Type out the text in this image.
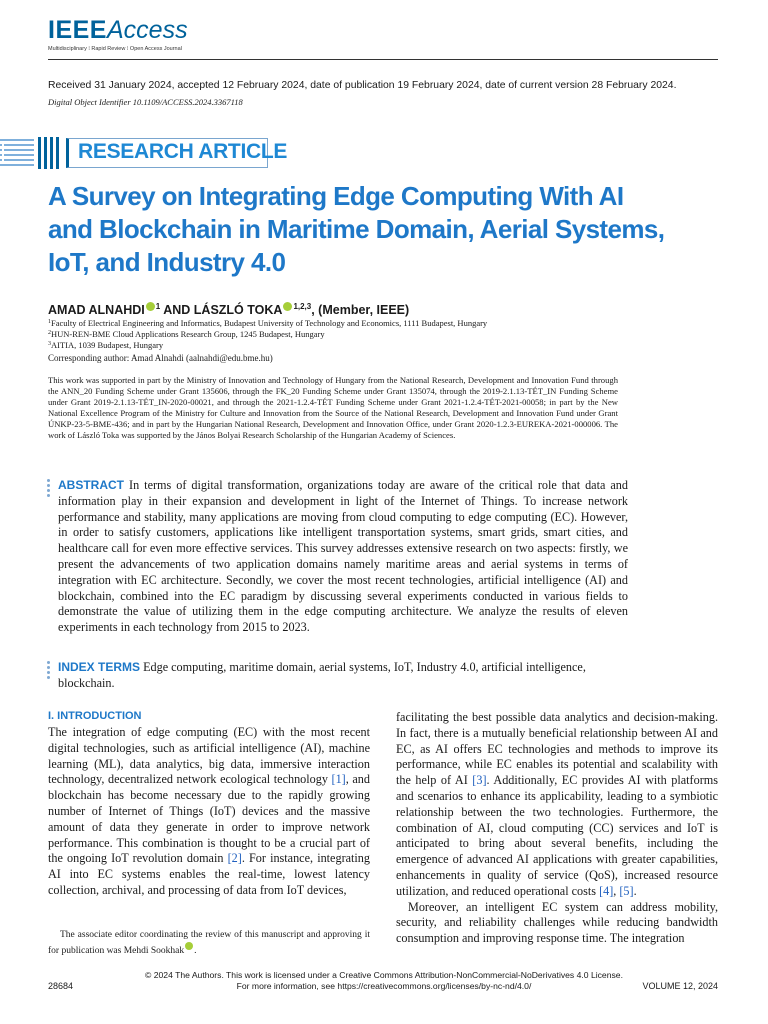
IEEEAccess
Multidisciplinary ⁞ Rapid Review ⁞ Open Access Journal
Received 31 January 2024, accepted 12 February 2024, date of publication 19 February 2024, date of current version 28 February 2024.
Digital Object Identifier 10.1109/ACCESS.2024.3367118
RESEARCH ARTICLE
A Survey on Integrating Edge Computing With AI and Blockchain in Maritime Domain, Aerial Systems, IoT, and Industry 4.0
AMAD ALNAHDI $^1$ AND LÁSZLÓ TOKA $^{1,2,3}$, (Member, IEEE)
$^1$Faculty of Electrical Engineering and Informatics, Budapest University of Technology and Economics, 1111 Budapest, Hungary
$^2$HUN-REN-BME Cloud Applications Research Group, 1245 Budapest, Hungary
$^3$AITIA, 1039 Budapest, Hungary
Corresponding author: Amad Alnahdi (aalnahdi@edu.bme.hu)
This work was supported in part by the Ministry of Innovation and Technology of Hungary from the National Research, Development and Innovation Fund through the ANN_20 Funding Scheme under Grant 135606, through the FK_20 Funding Scheme under Grant 135074, through the 2019-2.1.13-TÉT_IN Funding Scheme under Grant 2019-2.1.13-TÉT_IN-2020-00021, and through the 2021-1.2.4-TÉT Funding Scheme under Grant 2021-1.2.4-TÉT-2021-00058; in part by the New National Excellence Program of the Ministry for Culture and Innovation from the Source of the National Research, Development and Innovation Fund under Grant ÚNKP-23-5-BME-436; and in part by the Hungarian National Research, Development and Innovation Office, under Grant 2020-1.2.3-EUREKA-2021-000006. The work of László Toka was supported by the János Bolyai Research Scholarship of the Hungarian Academy of Sciences.
ABSTRACT In terms of digital transformation, organizations today are aware of the critical role that data and information play in their expansion and development in light of the Internet of Things. To increase network performance and stability, many applications are moving from cloud computing to edge computing (EC). However, in order to satisfy customers, applications like intelligent transportation systems, smart grids, smart cities, and healthcare call for even more effective services. This survey addresses extensive research on two aspects: firstly, we present the advancements of two application domains namely maritime areas and aerial systems in terms of integration with EC architecture. Secondly, we cover the most recent technologies, artificial intelligence (AI) and blockchain, combined into the EC paradigm by discussing several experiments conducted in various fields to demonstrate the value of utilizing them in the edge computing architecture. We analyze the results of eleven experiments in each technology from 2015 to 2023.
INDEX TERMS Edge computing, maritime domain, aerial systems, IoT, Industry 4.0, artificial intelligence, blockchain.
I. INTRODUCTION
The integration of edge computing (EC) with the most recent digital technologies, such as artificial intelligence (AI), machine learning (ML), data analytics, big data, immersive interaction technology, decentralized network ecological technology [1], and blockchain has become necessary due to the rapidly growing number of Internet of Things (IoT) devices and the massive amount of data they generate in order to improve network performance. This combination is thought to be a crucial part of the ongoing IoT revolution domain [2]. For instance, integrating AI into EC systems enables the real-time, lowest latency collection, archival, and processing of data from IoT devices,
The associate editor coordinating the review of this manuscript and approving it for publication was Mehdi Sookhak .

facilitating the best possible data analytics and decision-making. In fact, there is a mutually beneficial relationship between AI and EC, as AI offers EC technologies and methods to improve its performance, while EC enables its potential and scalability with the help of AI [3]. Additionally, EC provides AI with platforms and scenarios to enhance its applicability, leading to a symbiotic relationship between the two technologies. Furthermore, the combination of AI, cloud computing (CC) services and IoT is anticipated to bring about several benefits, including the emergence of advanced AI applications with greater capabilities, enhancements in quality of service (QoS), increased resource utilization, and reduced operational costs [4], [5].

Moreover, an intelligent EC system can address mobility, security, and reliability challenges while reducing bandwidth consumption and improving response time. The integration

© 2024 The Authors. This work is licensed under a Creative Commons Attribution-NonCommercial-NoDerivatives 4.0 License.
For more information, see https://creativecommons.org/licenses/by-nc-nd/4.0/
28684	VOLUME 12, 2024
